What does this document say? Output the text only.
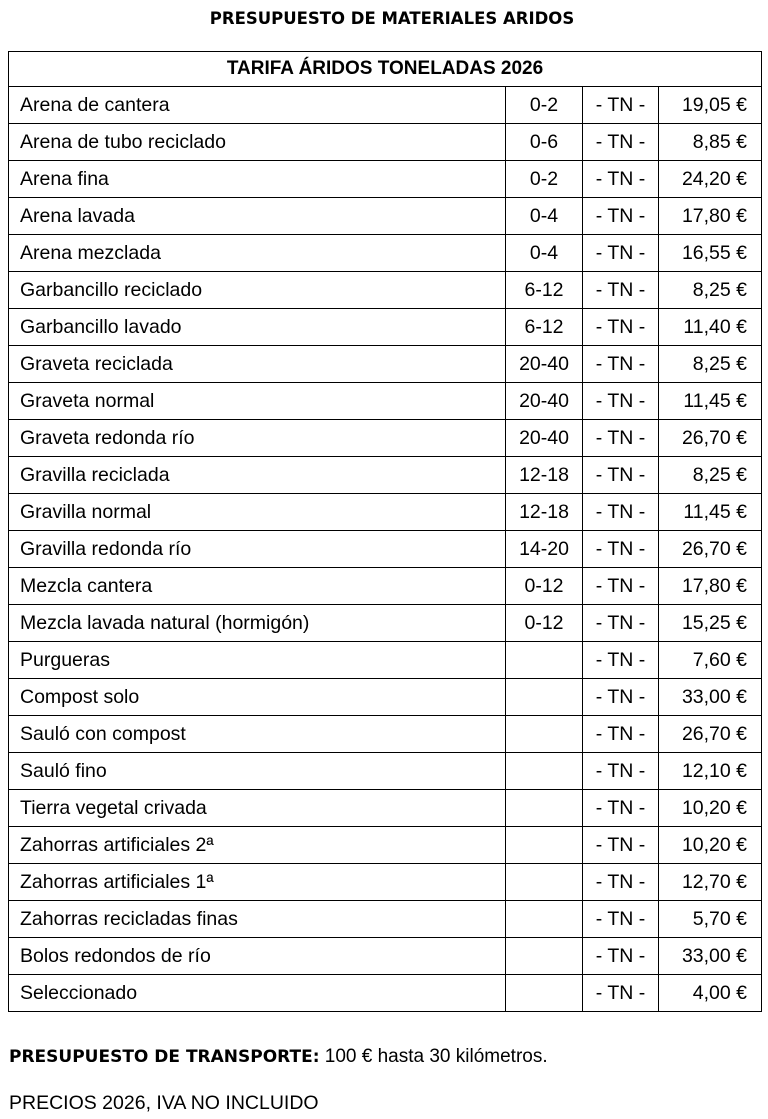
PRESUPUESTO DE MATERIALES ARIDOS
TARIFA ÁRIDOS TONELADAS 2026			
Arena de cantera	0-2	- TN -	19,05 €
Arena de tubo reciclado	0-6	- TN -	8,85 €
Arena fina	0-2	- TN -	24,20 €
Arena lavada	0-4	- TN -	17,80 €
Arena mezclada	0-4	- TN -	16,55 €
Garbancillo reciclado	6-12	- TN -	8,25 €
Garbancillo lavado	6-12	- TN -	11,40 €
Graveta reciclada	20-40	- TN -	8,25 €
Graveta normal	20-40	- TN -	11,45 €
Graveta redonda río	20-40	- TN -	26,70 €
Gravilla reciclada	12-18	- TN -	8,25 €
Gravilla normal	12-18	- TN -	11,45 €
Gravilla redonda río	14-20	- TN -	26,70 €
Mezcla cantera	0-12	- TN -	17,80 €
Mezcla lavada natural (hormigón)	0-12	- TN -	15,25 €
Purgueras		- TN -	7,60 €
Compost solo		- TN -	33,00 €
Sauló con compost		- TN -	26,70 €
Sauló fino		- TN -	12,10 €
Tierra vegetal crivada		- TN -	10,20 €
Zahorras artificiales 2ª		- TN -	10,20 €
Zahorras artificiales 1ª		- TN -	12,70 €
Zahorras recicladas finas		- TN -	5,70 €
Bolos redondos de río		- TN -	33,00 €
Seleccionado		- TN -	4,00 €
PRESUPUESTO DE TRANSPORTE: 100 € hasta 30 kilómetros.
PRECIOS 2026, IVA NO INCLUIDO
